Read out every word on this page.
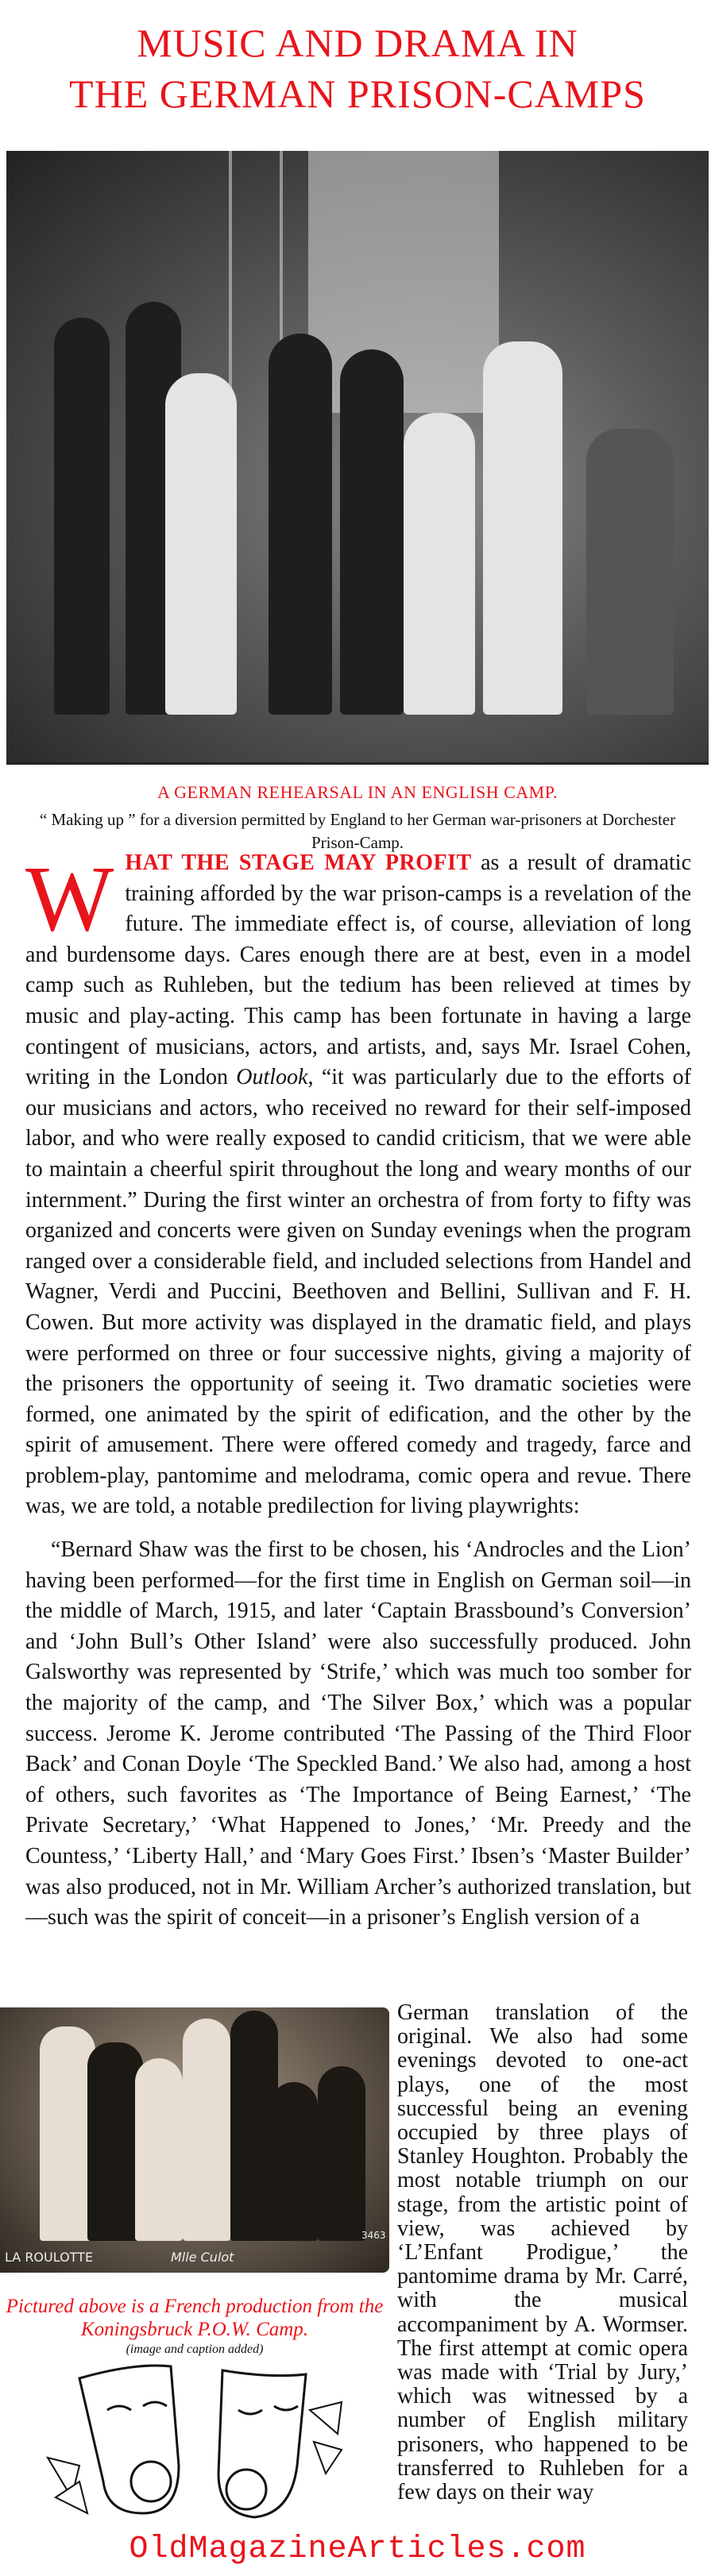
MUSIC AND DRAMA IN
THE GERMAN PRISON-CAMPS
A GERMAN REHEARSAL IN AN ENGLISH CAMP.
“ Making up ” for a diversion permitted by England to her German war-prisoners at Dorchester Prison-Camp.

WHAT THE STAGE MAY PROFIT as a result of dramatic training afforded by the war prison-camps is a revelation of the future. The immediate effect is, of course, alleviation of long and burdensome days. Cares enough there are at best, even in a model camp such as Ruhleben, but the tedium has been relieved at times by music and play-acting. This camp has been fortunate in having a large contingent of musicians, actors, and artists, and, says Mr. Israel Cohen, writing in the London Outlook, “it was particularly due to the efforts of our musicians and actors, who received no reward for their self-imposed labor, and who were really exposed to candid criticism, that we were able to maintain a cheerful spirit throughout the long and weary months of our internment.” During the first winter an orchestra of from forty to fifty was organized and concerts were given on Sunday evenings when the program ranged over a considerable field, and included selections from Handel and Wagner, Verdi and Puccini, Beethoven and Bellini, Sullivan and F. H. Cowen. But more activity was displayed in the dramatic field, and plays were performed on three or four successive nights, giving a majority of the prisoners the opportunity of seeing it. Two dramatic societies were formed, one animated by the spirit of edification, and the other by the spirit of amusement. There were offered comedy and tragedy, farce and problem-play, pantomime and melodrama, comic opera and revue. There was, we are told, a notable predilection for living playwrights:

“Bernard Shaw was the first to be chosen, his ‘Androcles and the Lion’ having been performed—for the first time in English on German soil—in the middle of March, 1915, and later ‘Captain Brassbound’s Conversion’ and ‘John Bull’s Other Island’ were also successfully produced. John Galsworthy was represented by ‘Strife,’ which was much too somber for the majority of the camp, and ‘The Silver Box,’ which was a popular success. Jerome K. Jerome contributed ‘The Passing of the Third Floor Back’ and Conan Doyle ‘The Speckled Band.’ We also had, among a host of others, such favorites as ‘The Importance of Being Earnest,’ ‘The Private Secretary,’ ‘What Happened to Jones,’ ‘Mr. Preedy and the Countess,’ ‘Liberty Hall,’ and ‘Mary Goes First.’ Ibsen’s ‘Master Builder’ was also produced, not in Mr. William Archer’s authorized translation, but—such was the spirit of conceit—in a prisoner’s English version of a

LA ROULOTTE	Mlle Culot
3463
Pictured above is a French production from the Koningsbruck P.O.W. Camp.
(image and caption added)

German translation of the original. We also had some evenings devoted to one-act plays, one of the most successful being an evening occupied by three plays of Stanley Houghton. Probably the most notable triumph on our stage, from the artistic point of view, was achieved by ‘L’Enfant Prodigue,’ the pantomime drama by Mr. Carré, with the musical accompaniment by A. Wormser. The first attempt at comic opera was made with ‘Trial by Jury,’ which was witnessed by a number of English military prisoners, who happened to be transferred to Ruhleben for a few days on their way

OldMagazineArticles.com
